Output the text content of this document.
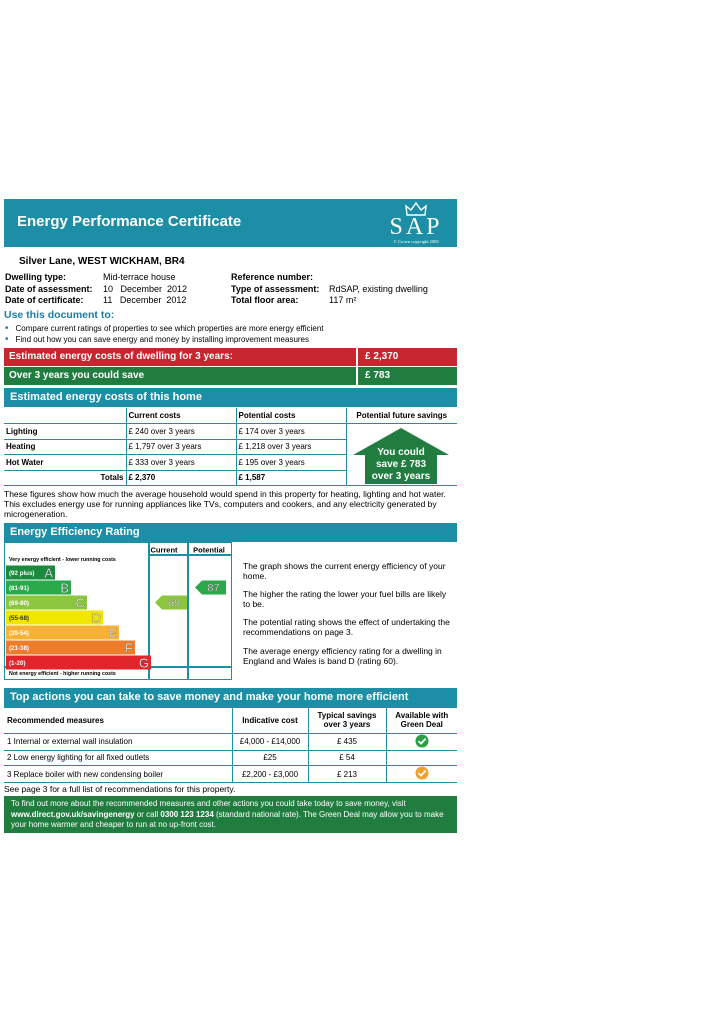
Energy Performance Certificate	SAP
© Crown copyright 2009
Silver Lane, WEST WICKHAM, BR4
Dwelling type:	Mid-terrace house
Date of assessment: 10   December  2012
Date of certificate: 11   December  2012
Reference number:
Type of assessment: RdSAP, existing dwelling
Total floor area:	117 m²
Use this document to:
• Compare current ratings of properties to see which properties are more energy efficient
• Find out how you can save energy and money by installing improvement measures
Estimated energy costs of dwelling for 3 years:	£ 2,370
Over 3 years you could save	£ 783
Estimated energy costs of this home
	Current costs	Potential costs	Potential future savings
Lighting	£ 240 over 3 years	£ 174 over 3 years	
Heating	£ 1,797 over 3 years	£ 1,218 over 3 years	
Hot Water	£ 333 over 3 years	£ 195 over 3 years	
Totals	£ 2,370	£ 1,587	
You could
save £ 783
over 3 years
These figures show how much the average household would spend in this property for heating, lighting and hot water. This excludes energy use for running appliances like TVs, computers and cookers, and any electricity generated by microgeneration.
Energy Efficiency Rating
Very energy efficient - lower running costs
Current Potential
(92 plus) A
(81-91) B
(69-80)	C
(55-68)	D
(39-54)	E
(21-38)	F
(1-20)	G
69
87
Not energy efficient - higher running costs
The graph shows the current energy efficiency of your home.
The higher the rating the lower your fuel bills are likely to be.
The potential rating shows the effect of undertaking the recommendations on page 3.
The average energy efficiency rating for a dwelling in England and Wales is band D (rating 60).
Top actions you can take to save money and make your home more efficient
Recommended measures	Indicative cost	Typical savings over 3 years	Available with Green Deal
1 Internal or external wall insulation	£4,000 - £14,000	£ 435	
2 Low energy lighting for all fixed outlets	£25	£ 54	
3 Replace boiler with new condensing boiler	£2,200 - £3,000	£ 213	
See page 3 for a full list of recommendations for this property.
To find out more about the recommended measures and other actions you could take today to save money, visit
www.direct.gov.uk/savingenergy or call 0300 123 1234 (standard national rate). The Green Deal may allow you to make your home warmer and cheaper to run at no up-front cost.
